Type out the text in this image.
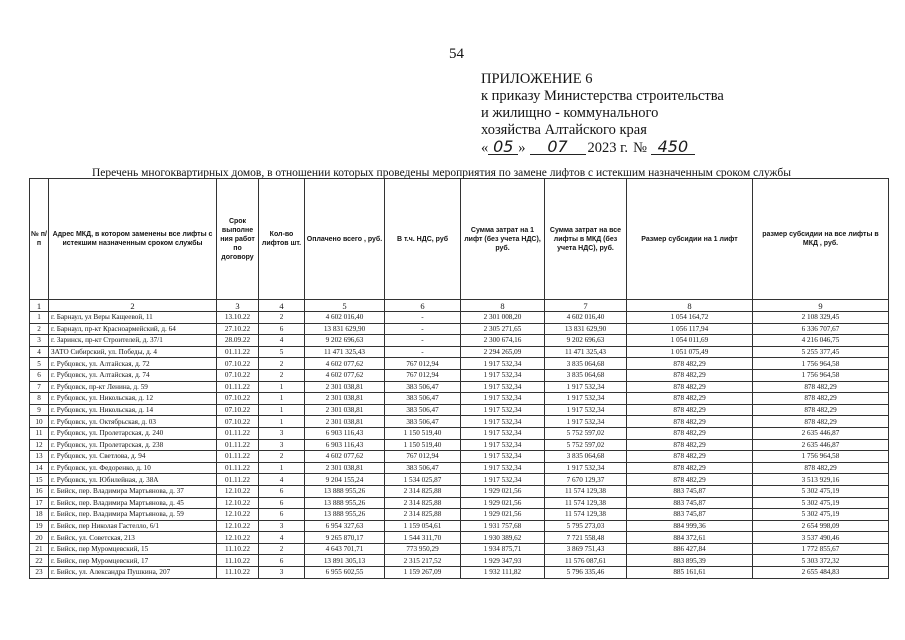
54
ПРИЛОЖЕНИЕ 6
к приказу Министерства строительства
и жилищно - коммунального
хозяйства Алтайского края
« 05 »	07	2023 г. № 450
Перечень многоквартирных домов, в отношении которых проведены мероприятия по замене лифтов с истекшим назначенным сроком службы
№ п/п	Адрес МКД, в котором заменены все лифты с истекшим назначенным сроком службы	Срок выполне ния работ по договору	Кол-во лифтов шт.	Оплачено всего , руб.	В т.ч. НДС, руб	Сумма затрат на 1 лифт (без учета НДС), руб.	Сумма затрат на все лифты в МКД (без учета НДС), руб.	Размер субсидии на 1 лифт	размер субсидии на все лифты в МКД , руб.
1	2	3	4	5	6	8	7	8	9
1	г. Барнаул, ул Веры Кащеевой, 11	13.10.22	2	4 602 016,40	-	2 301 008,20	4 602 016,40	1 054 164,72	2 108 329,45
2	г. Барнаул, пр-кт Красноармейский, д. 64	27.10.22	6	13 831 629,90	-	2 305 271,65	13 831 629,90	1 056 117,94	6 336 707,67
3	г. Заринск, пр-кт Строителей, д. 37/1	28.09.22	4	9 202 696,63	-	2 300 674,16	9 202 696,63	1 054 011,69	4 216 046,75
4	ЗАТО Сибирский, ул. Победы, д. 4	01.11.22	5	11 471 325,43	-	2 294 265,09	11 471 325,43	1 051 075,49	5 255 377,45
5	г. Рубцовск, ул. Алтайская, д. 72	07.10.22	2	4 602 077,62	767 012,94	1 917 532,34	3 835 064,68	878 482,29	1 756 964,58
6	г. Рубцовск, ул. Алтайская, д. 74	07.10.22	2	4 602 077,62	767 012,94	1 917 532,34	3 835 064,68	878 482,29	1 756 964,58
7	г. Рубцовск, пр-кт Ленина, д. 59	01.11.22	1	2 301 038,81	383 506,47	1 917 532,34	1 917 532,34	878 482,29	878 482,29
8	г. Рубцовск, ул. Никольская, д. 12	07.10.22	1	2 301 038,81	383 506,47	1 917 532,34	1 917 532,34	878 482,29	878 482,29
9	г. Рубцовск, ул. Никольская, д. 14	07.10.22	1	2 301 038,81	383 506,47	1 917 532,34	1 917 532,34	878 482,29	878 482,29
10	г. Рубцовск, ул. Октябрьская, д. 03	07.10.22	1	2 301 038,81	383 506,47	1 917 532,34	1 917 532,34	878 482,29	878 482,29
11	г. Рубцовск, ул. Пролетарская, д. 240	01.11.22	3	6 903 116,43	1 150 519,40	1 917 532,34	5 752 597,02	878 482,29	2 635 446,87
12	г. Рубцовск, ул. Пролетарская, д. 238	01.11.22	3	6 903 116,43	1 150 519,40	1 917 532,34	5 752 597,02	878 482,29	2 635 446,87
13	г. Рубцовск, ул. Светлова, д. 94	01.11.22	2	4 602 077,62	767 012,94	1 917 532,34	3 835 064,68	878 482,29	1 756 964,58
14	г. Рубцовск, ул. Федоренко, д. 10	01.11.22	1	2 301 038,81	383 506,47	1 917 532,34	1 917 532,34	878 482,29	878 482,29
15	г. Рубцовск, ул. Юбилейная, д. 38А	01.11.22	4	9 204 155,24	1 534 025,87	1 917 532,34	7 670 129,37	878 482,29	3 513 929,16
16	г. Бийск, пер. Владимира Мартьянова, д. 37	12.10.22	6	13 888 955,26	2 314 825,88	1 929 021,56	11 574 129,38	883 745,87	5 302 475,19
17	г. Бийск, пер. Владимира Мартьянова, д. 45	12.10.22	6	13 888 955,26	2 314 825,88	1 929 021,56	11 574 129,38	883 745,87	5 302 475,19
18	г. Бийск, пер. Владимира Мартьянова, д. 59	12.10.22	6	13 888 955,26	2 314 825,88	1 929 021,56	11 574 129,38	883 745,87	5 302 475,19
19	г. Бийск, пер Николая Гастелло, 6/1	12.10.22	3	6 954 327,63	1 159 054,61	1 931 757,68	5 795 273,03	884 999,36	2 654 998,09
20	г. Бийск, ул. Советская, 213	12.10.22	4	9 265 870,17	1 544 311,70	1 930 389,62	7 721 558,48	884 372,61	3 537 490,46
21	г. Бийск, пер Муромцевский, 15	11.10.22	2	4 643 701,71	773 950,29	1 934 875,71	3 869 751,43	886 427,84	1 772 855,67
22	г. Бийск, пер Муромцевский, 17	11.10.22	6	13 891 305,13	2 315 217,52	1 929 347,93	11 576 087,61	883 895,39	5 303 372,32
23	г. Бийск, ул. Александра Пушкина, 207	11.10.22	3	6 955 602,55	1 159 267,09	1 932 111,82	5 796 335,46	885 161,61	2 655 484,83
